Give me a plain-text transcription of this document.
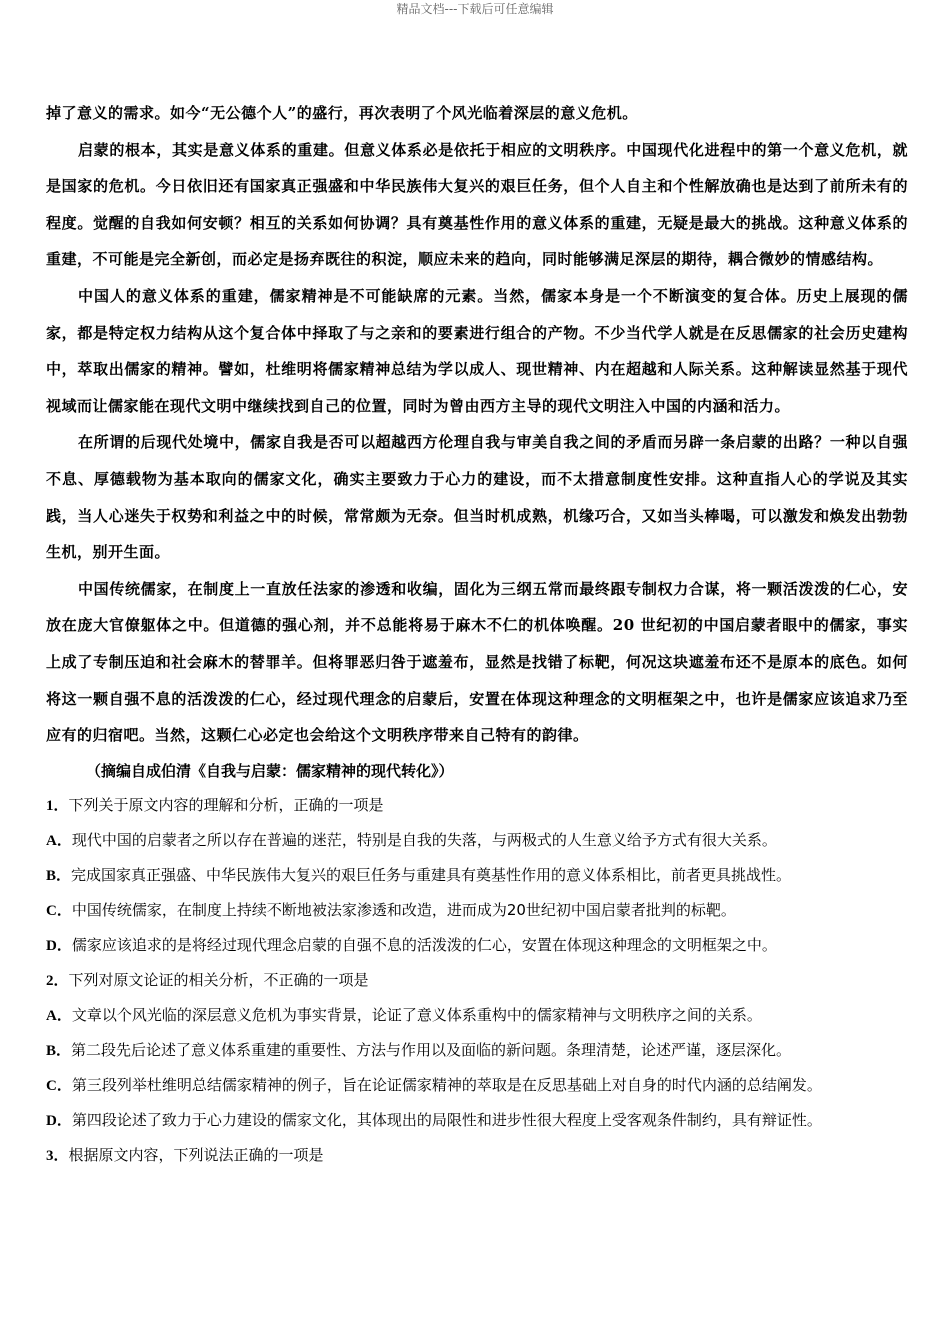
精品文档---下载后可任意编辑

掉了意义的需求。如今“无公德个人”的盛行，再次表明了个风光临着深层的意义危机。

启蒙的根本，其实是意义体系的重建。但意义体系必是依托于相应的文明秩序。中国现代化进程中的第一个意义危机，就是国家的危机。今日依旧还有国家真正强盛和中华民族伟大复兴的艰巨任务，但个人自主和个性解放确也是达到了前所未有的程度。觉醒的自我如何安顿？相互的关系如何协调？具有奠基性作用的意义体系的重建，无疑是最大的挑战。这种意义体系的重建，不可能是完全新创，而必定是扬弃既往的积淀，顺应未来的趋向，同时能够满足深层的期待，耦合微妙的情感结构。

中国人的意义体系的重建，儒家精神是不可能缺席的元素。当然，儒家本身是一个不断演变的复合体。历史上展现的儒家，都是特定权力结构从这个复合体中择取了与之亲和的要素进行组合的产物。不少当代学人就是在反思儒家的社会历史建构中，萃取出儒家的精神。譬如，杜维明将儒家精神总结为学以成人、现世精神、内在超越和人际关系。这种解读显然基于现代视域而让儒家能在现代文明中继续找到自己的位置，同时为曾由西方主导的现代文明注入中国的内涵和活力。

在所谓的后现代处境中，儒家自我是否可以超越西方伦理自我与审美自我之间的矛盾而另辟一条启蒙的出路？一种以自强不息、厚德载物为基本取向的儒家文化，确实主要致力于心力的建设，而不太措意制度性安排。这种直指人心的学说及其实践，当人心迷失于权势和利益之中的时候，常常颇为无奈。但当时机成熟，机缘巧合，又如当头棒喝，可以激发和焕发出勃勃生机，别开生面。

中国传统儒家，在制度上一直放任法家的渗透和收编，固化为三纲五常而最终跟专制权力合谋，将一颗活泼泼的仁心，安放在庞大官僚躯体之中。但道德的强心剂，并不总能将易于麻木不仁的机体唤醒。20 世纪初的中国启蒙者眼中的儒家，事实上成了专制压迫和社会麻木的替罪羊。但将罪恶归咎于遮羞布，显然是找错了标靶，何况这块遮羞布还不是原本的底色。如何将这一颗自强不息的活泼泼的仁心，经过现代理念的启蒙后，安置在体现这种理念的文明框架之中，也许是儒家应该追求乃至应有的归宿吧。当然，这颗仁心必定也会给这个文明秩序带来自己特有的韵律。

（摘编自成伯清《自我与启蒙：儒家精神的现代转化》）

1．下列关于原文内容的理解和分析，正确的一项是

A．现代中国的启蒙者之所以存在普遍的迷茫，特别是自我的失落，与两极式的人生意义给予方式有很大关系。

B．完成国家真正强盛、中华民族伟大复兴的艰巨任务与重建具有奠基性作用的意义体系相比，前者更具挑战性。

C．中国传统儒家，在制度上持续不断地被法家渗透和改造，进而成为20世纪初中国启蒙者批判的标靶。

D．儒家应该追求的是将经过现代理念启蒙的自强不息的活泼泼的仁心，安置在体现这种理念的文明框架之中。

2．下列对原文论证的相关分析，不正确的一项是

A．文章以个风光临的深层意义危机为事实背景，论证了意义体系重构中的儒家精神与文明秩序之间的关系。

B．第二段先后论述了意义体系重建的重要性、方法与作用以及面临的新问题。条理清楚，论述严谨，逐层深化。

C．第三段列举杜维明总结儒家精神的例子，旨在论证儒家精神的萃取是在反思基础上对自身的时代内涵的总结阐发。

D．第四段论述了致力于心力建设的儒家文化，其体现出的局限性和进步性很大程度上受客观条件制约，具有辩证性。

3．根据原文内容，下列说法正确的一项是
